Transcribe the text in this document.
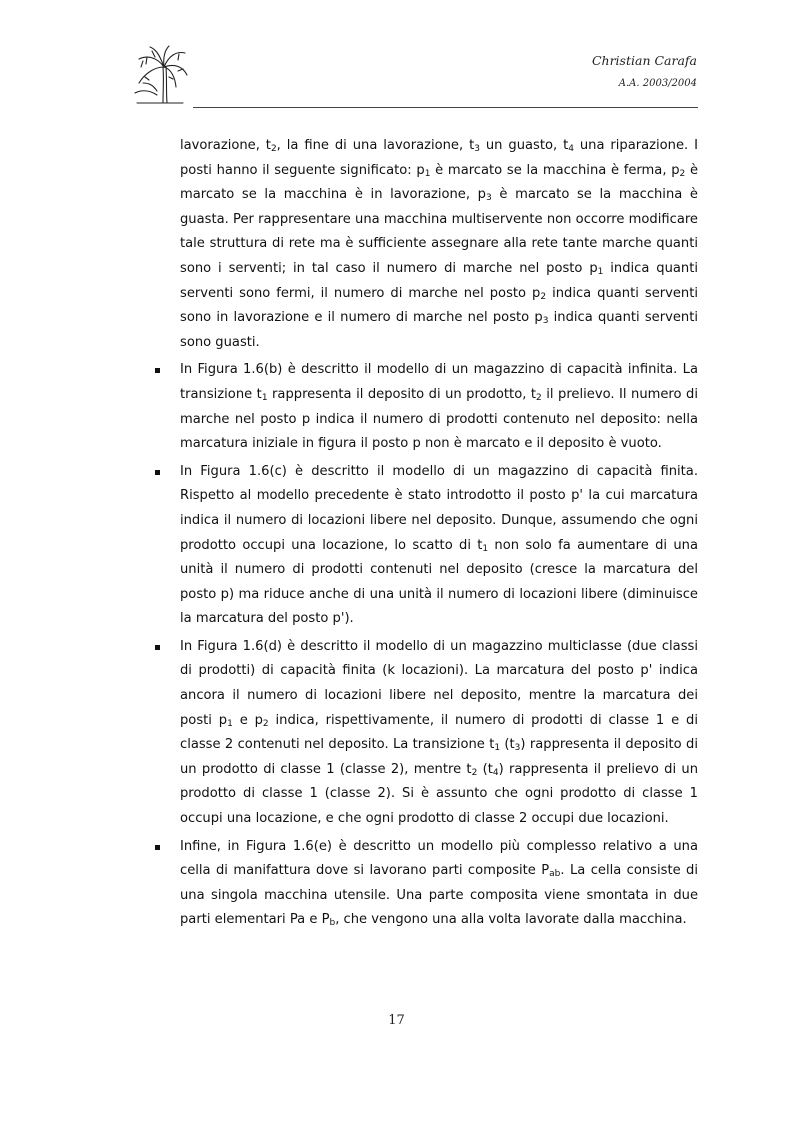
Christian Carafa
A.A. 2003/2004

lavorazione, $t_2$, la fine di una lavorazione, $t_3$ un guasto, $t_4$ una riparazione. I posti hanno il seguente significato: $p_1$ è marcato se la macchina è ferma, $p_2$ è marcato se la macchina è in lavorazione, $p_3$ è marcato se la macchina è guasta. Per rappresentare una macchina multiservente non occorre modificare tale struttura di rete ma è sufficiente assegnare alla rete tante marche quanti sono i serventi; in tal caso il numero di marche nel posto $p_1$ indica quanti serventi sono fermi, il numero di marche nel posto $p_2$ indica quanti serventi sono in lavorazione e il numero di marche nel posto $p_3$ indica quanti serventi sono guasti.

In Figura 1.6(b) è descritto il modello di un magazzino di capacità infinita. La transizione $t_1$ rappresenta il deposito di un prodotto, $t_2$ il prelievo. Il numero di marche nel posto p indica il numero di prodotti contenuto nel deposito: nella marcatura iniziale in figura il posto p non è marcato e il deposito è vuoto.

In Figura 1.6(c) è descritto il modello di un magazzino di capacità finita. Rispetto al modello precedente è stato introdotto il posto p' la cui marcatura indica il numero di locazioni libere nel deposito. Dunque, assumendo che ogni prodotto occupi una locazione, lo scatto di $t_1$ non solo fa aumentare di una unità il numero di prodotti contenuti nel deposito (cresce la marcatura del posto p) ma riduce anche di una unità il numero di locazioni libere (diminuisce la marcatura del posto p').

In Figura 1.6(d) è descritto il modello di un magazzino multiclasse (due classi di prodotti) di capacità finita (k locazioni). La marcatura del posto p' indica ancora il numero di locazioni libere nel deposito, mentre la marcatura dei posti $p_1$ e $p_2$ indica, rispettivamente, il numero di prodotti di classe 1 e di classe 2 contenuti nel deposito. La transizione $t_1$ $(t_3)$ rappresenta il deposito di un prodotto di classe 1 (classe 2), mentre $t_2$ $(t_4)$ rappresenta il prelievo di un prodotto di classe 1 (classe 2). Si è assunto che ogni prodotto di classe 1 occupi una locazione, e che ogni prodotto di classe 2 occupi due locazioni.

Infine, in Figura 1.6(e) è descritto un modello più complesso relativo a una cella di manifattura dove si lavorano parti composite $P_{ab}$. La cella consiste di una singola macchina utensile. Una parte composita viene smontata in due parti elementari Pa e $P_b$, che vengono una alla volta lavorate dalla macchina.

17
